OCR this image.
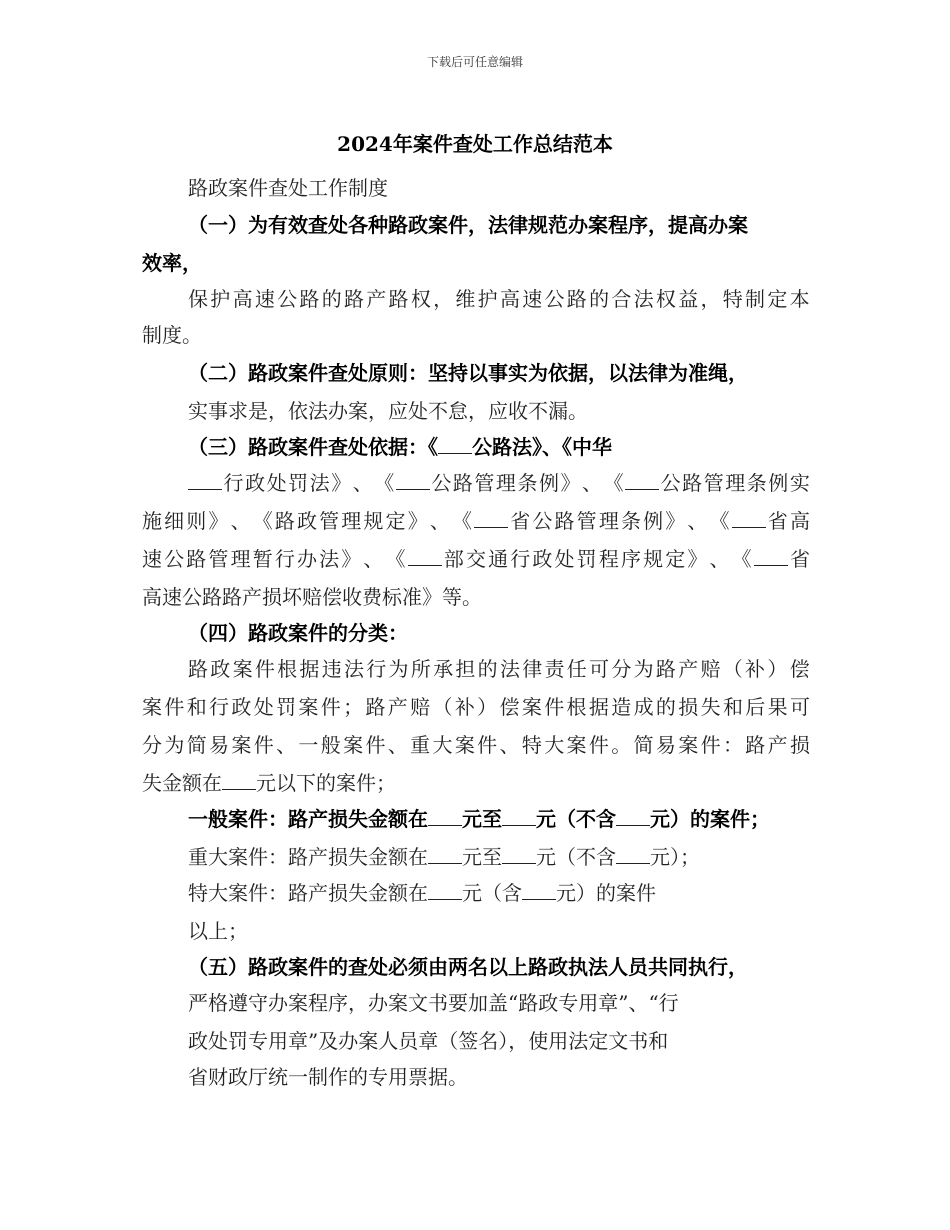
下载后可任意编辑
2024年案件查处工作总结范本
路政案件查处工作制度
（一）为有效查处各种路政案件，法律规范办案程序，提高办案
效率，
保 护 高 速 公 路 的 路 产 路 权 ， 维 护 高 速 公 路 的 合 法 权 益 ， 特 制 定 本
制度。
（二）路政案件查处原则：坚持以事实为依据，以法律为准绳，
实事求是，依法办案，应处不怠，应收不漏。
（三）路政案件查处依据：《 公路法》、《中华
行 政 处 罚 法 》 、 《 公 路 管 理 条 例 》 、 《 公 路 管 理 条 例 实
施 细 则 》 、 《 路 政 管 理 规 定 》 、 《 省 公 路 管 理 条 例 》 、 《 省 高
速 公 路 管 理 暂 行 办 法 》 、 《 部 交 通 行 政 处 罚 程 序 规 定 》 、 《 省
高速公路路产损坏赔偿收费标准》等。
（四）路政案件的分类：
路 政 案 件 根 据 违 法 行 为 所 承 担 的 法 律 责 任 可 分 为 路 产 赔 （ 补 ） 偿
案 件 和 行 政 处 罚 案 件 ； 路 产 赔 （ 补 ） 偿 案 件 根 据 造 成 的 损 失 和 后 果 可
分 为 简 易 案 件 、 一 般 案 件 、 重 大 案 件 、 特 大 案 件 。 简 易 案 件 ： 路 产 损
失金额在 元以下的案件；
一般案件：路产损失金额在 元至 元（不含 元）的案件；
重大案件：路产损失金额在 元至 元（不含 元）；
特大案件：路产损失金额在 元（含 元）的案件
以上；
（五）路政案件的查处必须由两名以上路政执法人员共同执行，
严格遵守办案程序，办案文书要加盖“路政专用章”、“行
政处罚专用章”及办案人员章（签名），使用法定文书和
省财政厅统一制作的专用票据。
